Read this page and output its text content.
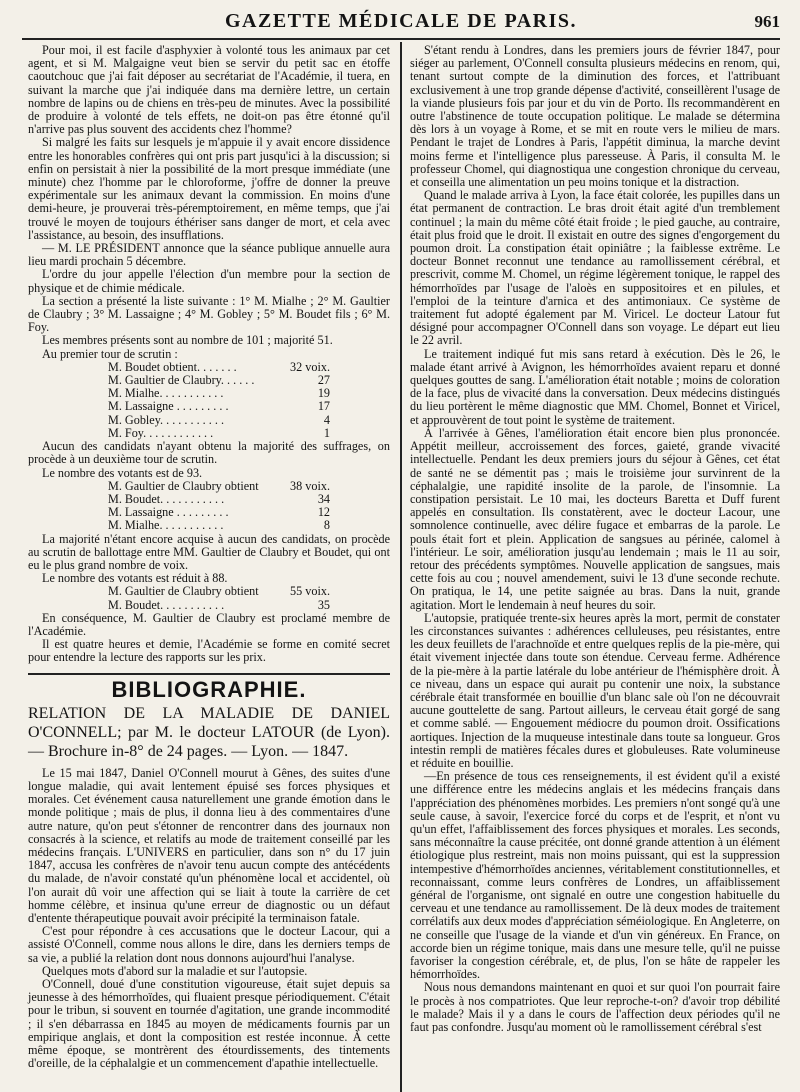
GAZETTE MÉDICALE DE PARIS.	961

Pour moi, il est facile d'asphyxier à volonté tous les animaux par cet agent, et si M. Malgaigne veut bien se servir du petit sac en étoffe caoutchouc que j'ai fait déposer au secrétariat de l'Académie, il tuera, en suivant la marche que j'ai indiquée dans ma dernière lettre, un certain nombre de lapins ou de chiens en très-peu de minutes. Avec la possibilité de produire à volonté de tels effets, ne doit-on pas être étonné qu'il n'arrive pas plus souvent des accidents chez l'homme?

Si malgré les faits sur lesquels je m'appuie il y avait encore dissidence entre les honorables confrères qui ont pris part jusqu'ici à la discussion; si enfin on persistait à nier la possibilité de la mort presque immédiate (une minute) chez l'homme par le chloroforme, j'offre de donner la preuve expérimentale sur les animaux devant la commission. En moins d'une demi-heure, je prouverai très-péremptoirement, en même temps, que j'ai trouvé le moyen de toujours éthériser sans danger de mort, et cela avec l'assistance, au besoin, des insufflations.

— M. LE PRÉSIDENT annonce que la séance publique annuelle aura lieu mardi prochain 5 décembre.

L'ordre du jour appelle l'élection d'un membre pour la section de physique et de chimie médicale.

La section a présenté la liste suivante : 1° M. Mialhe ; 2° M. Gaultier de Claubry ; 3° M. Lassaigne ; 4° M. Gobley ; 5° M. Boudet fils ; 6° M. Foy.

Les membres présents sont au nombre de 101 ; majorité 51.

Au premier tour de scrutin :

M. Boudet obtient. . . . . . .	32 voix.
M. Gaultier de Claubry. . . . . .	27
M. Mialhe. . . . . . . . . . .	19
M. Lassaigne . . . . . . . . .	17
M. Gobley. . . . . . . . . . .	4
M. Foy. . . . . . . . . . . .	1

Aucun des candidats n'ayant obtenu la majorité des suffrages, on procède à un deuxième tour de scrutin.

Le nombre des votants est de 93.

M. Gaultier de Claubry obtient	38 voix.
M. Boudet. . . . . . . . . . .	34
M. Lassaigne . . . . . . . . .	12
M. Mialhe. . . . . . . . . . .	8

La majorité n'étant encore acquise à aucun des candidats, on procède au scrutin de ballottage entre MM. Gaultier de Claubry et Boudet, qui ont eu le plus grand nombre de voix.

Le nombre des votants est réduit à 88.

M. Gaultier de Claubry obtient	55 voix.
M. Boudet. . . . . . . . . . .	35

En conséquence, M. Gaultier de Claubry est proclamé membre de l'Académie.

Il est quatre heures et demie, l'Académie se forme en comité secret pour entendre la lecture des rapports sur les prix.

BIBLIOGRAPHIE.

RELATION DE LA MALADIE DE DANIEL O'CONNELL; par M. le docteur LATOUR (de Lyon). — Brochure in-8° de 24 pages. — Lyon. — 1847.

Le 15 mai 1847, Daniel O'Connell mourut à Gênes, des suites d'une longue maladie, qui avait lentement épuisé ses forces physiques et morales. Cet événement causa naturellement une grande émotion dans le monde politique ; mais de plus, il donna lieu à des commentaires d'une autre nature, qu'on peut s'étonner de rencontrer dans des journaux non consacrés à la science, et relatifs au mode de traitement conseillé par les médecins français. L'UNIVERS en particulier, dans son n° du 17 juin 1847, accusa les confrères de n'avoir tenu aucun compte des antécédents du malade, de n'avoir constaté qu'un phénomène local et accidentel, où l'on aurait dû voir une affection qui se liait à toute la carrière de cet homme célèbre, et insinua qu'une erreur de diagnostic ou un défaut d'entente thérapeutique pouvait avoir précipité la terminaison fatale.

C'est pour répondre à ces accusations que le docteur Lacour, qui a assisté O'Connell, comme nous allons le dire, dans les derniers temps de sa vie, a publié la relation dont nous donnons aujourd'hui l'analyse.

Quelques mots d'abord sur la maladie et sur l'autopsie.

O'Connell, doué d'une constitution vigoureuse, était sujet depuis sa jeunesse à des hémorrhoïdes, qui fluaient presque périodiquement. C'était pour le tribun, si souvent en tournée d'agitation, une grande incommodité ; il s'en débarrassa en 1845 au moyen de médicaments fournis par un empirique anglais, et dont la composition est restée inconnue. À cette même époque, se montrèrent des étourdissements, des tintements d'oreille, de la céphalalgie et un commencement d'apathie intellectuelle.

S'étant rendu à Londres, dans les premiers jours de février 1847, pour siéger au parlement, O'Connell consulta plusieurs médecins en renom, qui, tenant surtout compte de la diminution des forces, et l'attribuant exclusivement à une trop grande dépense d'activité, conseillèrent l'usage de la viande plusieurs fois par jour et du vin de Porto. Ils recommandèrent en outre l'abstinence de toute occupation politique. Le malade se détermina dès lors à un voyage à Rome, et se mit en route vers le milieu de mars. Pendant le trajet de Londres à Paris, l'appétit diminua, la marche devint moins ferme et l'intelligence plus paresseuse. À Paris, il consulta M. le professeur Chomel, qui diagnostiqua une congestion chronique du cerveau, et conseilla une alimentation un peu moins tonique et la distraction.

Quand le malade arriva à Lyon, la face était colorée, les pupilles dans un état permanent de contraction. Le bras droit était agité d'un tremblement continuel ; la main du même côté était froide ; le pied gauche, au contraire, était plus froid que le droit. Il existait en outre des signes d'engorgement du poumon droit. La constipation était opiniâtre ; la faiblesse extrême. Le docteur Bonnet reconnut une tendance au ramollissement cérébral, et prescrivit, comme M. Chomel, un régime légèrement tonique, le rappel des hémorrhoïdes par l'usage de l'aloès en suppositoires et en pilules, et l'emploi de la teinture d'arnica et des antimoniaux. Ce système de traitement fut adopté également par M. Viricel. Le docteur Latour fut désigné pour accompagner O'Connell dans son voyage. Le départ eut lieu le 22 avril.

Le traitement indiqué fut mis sans retard à exécution. Dès le 26, le malade étant arrivé à Avignon, les hémorrhoïdes avaient reparu et donné quelques gouttes de sang. L'amélioration était notable ; moins de coloration de la face, plus de vivacité dans la conversation. Deux médecins distingués du lieu portèrent le même diagnostic que MM. Chomel, Bonnet et Viricel, et approuvèrent de tout point le système de traitement.

À l'arrivée à Gênes, l'amélioration était encore bien plus prononcée. Appétit meilleur, accroissement des forces, gaieté, grande vivacité intellectuelle. Pendant les deux premiers jours du séjour à Gênes, cet état de santé ne se démentit pas ; mais le troisième jour survinrent de la céphalalgie, une rapidité insolite de la parole, de l'insomnie. La constipation persistait. Le 10 mai, les docteurs Baretta et Duff furent appelés en consultation. Ils constatèrent, avec le docteur Lacour, une somnolence continuelle, avec délire fugace et embarras de la parole. Le pouls était fort et plein. Application de sangsues au périnée, calomel à l'intérieur. Le soir, amélioration jusqu'au lendemain ; mais le 11 au soir, retour des précédents symptômes. Nouvelle application de sangsues, mais cette fois au cou ; nouvel amendement, suivi le 13 d'une seconde rechute. On pratiqua, le 14, une petite saignée au bras. Dans la nuit, grande agitation. Mort le lendemain à neuf heures du soir.

L'autopsie, pratiquée trente-six heures après la mort, permit de constater les circonstances suivantes : adhérences celluleuses, peu résistantes, entre les deux feuillets de l'arachnoïde et entre quelques replis de la pie-mère, qui était vivement injectée dans toute son étendue. Cerveau ferme. Adhérence de la pie-mère à la partie latérale du lobe antérieur de l'hémisphère droit. À ce niveau, dans un espace qui aurait pu contenir une noix, la substance cérébrale était transformée en bouillie d'un blanc sale où l'on ne découvrait aucune gouttelette de sang. Partout ailleurs, le cerveau était gorgé de sang et comme sablé. — Engouement médiocre du poumon droit. Ossifications aortiques. Injection de la muqueuse intestinale dans toute sa longueur. Gros intestin rempli de matières fécales dures et globuleuses. Rate volumineuse et réduite en bouillie.

—En présence de tous ces renseignements, il est évident qu'il a existé une différence entre les médecins anglais et les médecins français dans l'appréciation des phénomènes morbides. Les premiers n'ont songé qu'à une seule cause, à savoir, l'exercice forcé du corps et de l'esprit, et n'ont vu qu'un effet, l'affaiblissement des forces physiques et morales. Les seconds, sans méconnaître la cause précitée, ont donné grande attention à un élément étiologique plus restreint, mais non moins puissant, qui est la suppression intempestive d'hémorrhoïdes anciennes, véritablement constitutionnelles, et reconnaissant, comme leurs confrères de Londres, un affaiblissement général de l'organisme, ont signalé en outre une congestion habituelle du cerveau et une tendance au ramollissement. De là deux modes de traitement corrélatifs aux deux modes d'appréciation séméiologique. En Angleterre, on ne conseille que l'usage de la viande et d'un vin généreux. En France, on accorde bien un régime tonique, mais dans une mesure telle, qu'il ne puisse favoriser la congestion cérébrale, et, de plus, l'on se hâte de rappeler les hémorrhoïdes.

Nous nous demandons maintenant en quoi et sur quoi l'on pourrait faire le procès à nos compatriotes. Que leur reproche-t-on? d'avoir trop débilité le malade? Mais il y a dans le cours de l'affection deux périodes qu'il ne faut pas confondre. Jusqu'au moment où le ramollissement cérébral s'est
